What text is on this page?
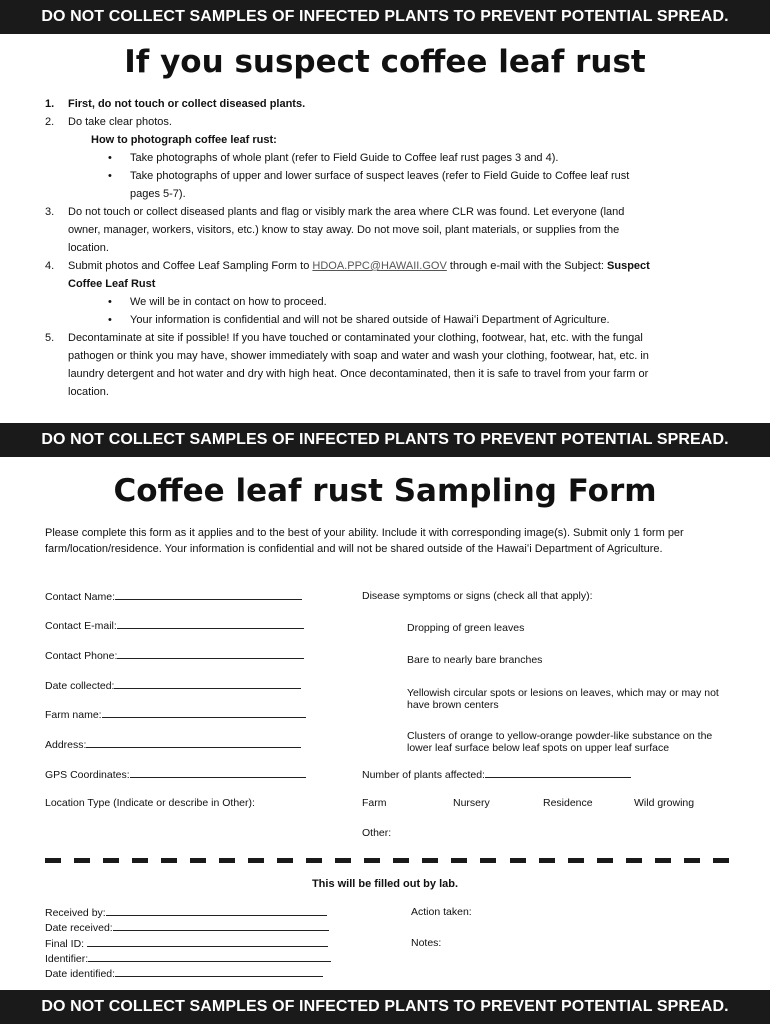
DO NOT COLLECT SAMPLES OF INFECTED PLANTS TO PREVENT POTENTIAL SPREAD.
If you suspect coffee leaf rust
1. First, do not touch or collect diseased plants.
2. Do take clear photos.
How to photograph coffee leaf rust:
• Take photographs of whole plant (refer to Field Guide to Coffee leaf rust pages 3 and 4).
• Take photographs of upper and lower surface of suspect leaves (refer to Field Guide to Coffee leaf rust
pages 5-7).
3. Do not touch or collect diseased plants and flag or visibly mark the area where CLR was found. Let everyone (land
owner, manager, workers, visitors, etc.) know to stay away. Do not move soil, plant materials, or supplies from the
location.
4. Submit photos and Coffee Leaf Sampling Form to HDOA.PPC@HAWAII.GOV through e-mail with the Subject: Suspect
Coffee Leaf Rust
• We will be in contact on how to proceed.
• Your information is confidential and will not be shared outside of Hawaiʻi Department of Agriculture.
5. Decontaminate at site if possible! If you have touched or contaminated your clothing, footwear, hat, etc. with the fungal
pathogen or think you may have, shower immediately with soap and water and wash your clothing, footwear, hat, etc. in
laundry detergent and hot water and dry with high heat. Once decontaminated, then it is safe to travel from your farm or
location.
DO NOT COLLECT SAMPLES OF INFECTED PLANTS TO PREVENT POTENTIAL SPREAD.
Coffee leaf rust Sampling Form
Please complete this form as it applies and to the best of your ability. Include it with corresponding image(s). Submit only 1 form per farm/location/residence. Your information is confidential and will not be shared outside of the Hawaiʻi Department of Agriculture.
Contact Name:
Contact E-mail:
Contact Phone:
Date collected:
Farm name:
Address:
GPS Coordinates:
Location Type (Indicate or describe in Other):
Disease symptoms or signs (check all that apply):
Dropping of green leaves
Bare to nearly bare branches
Yellowish circular spots or lesions on leaves, which may or may not have brown centers
Clusters of orange to yellow-orange powder-like substance on the lower leaf surface below leaf spots on upper leaf surface
Number of plants affected:
Farm	Nursery	Residence	Wild growing
Other:
This will be filled out by lab.
Received by:
Date received:
Final ID:
Identifier:
Date identified:
Action taken:
Notes:
DO NOT COLLECT SAMPLES OF INFECTED PLANTS TO PREVENT POTENTIAL SPREAD.
